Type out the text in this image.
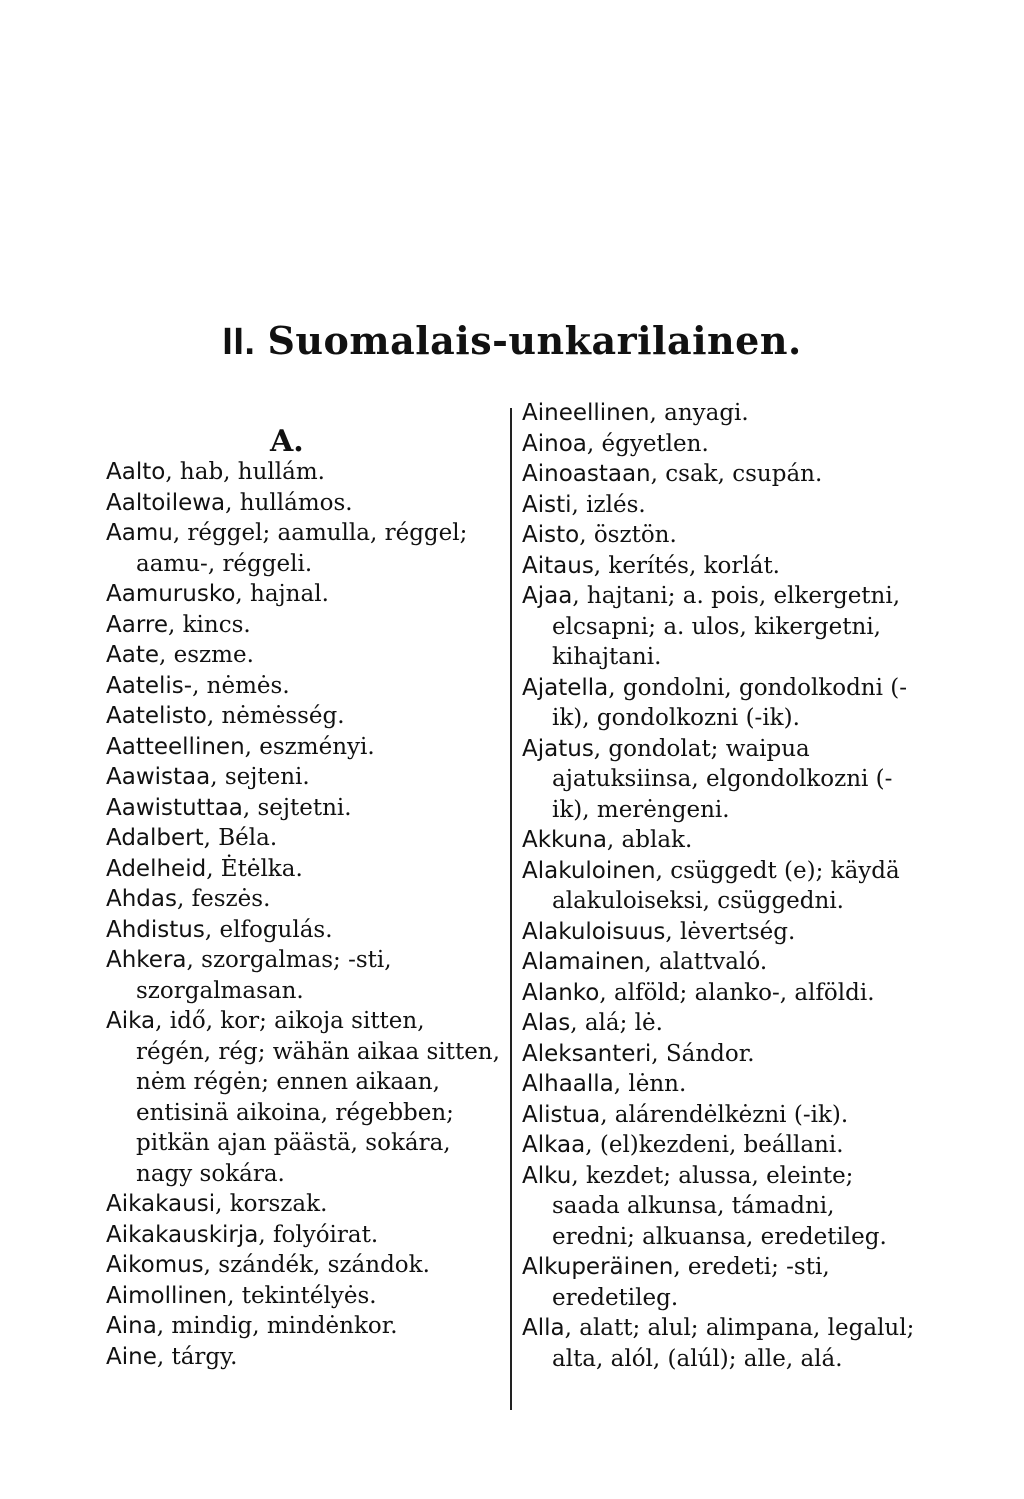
II. Suomalais-unkarilainen.
A.
Aalto, hab, hullám.
Aaltoilewa, hullámos.
Aamu, réggel; aamulla, réggel; aamu-, réggeli.
Aamurusko, hajnal.
Aarre, kincs.
Aate, eszme.
Aatelis-, nėmės.
Aatelisto, nėmėsség.
Aatteellinen, eszményi.
Aawistaa, sejteni.
Aawistuttaa, sejtetni.
Adalbert, Béla.
Adelheid, Ėtėlka.
Ahdas, feszės.
Ahdistus, elfogulás.
Ahkera, szorgalmas; -sti, szorgalmasan.
Aika, idő, kor; aikoja sitten, régén, rég; wähän aikaa sitten, nėm régėn; ennen aikaan, entisinä aikoina, régebben; pitkän ajan päästä, sokára, nagy sokára.
Aikakausi, korszak.
Aikakauskirja, folyóirat.
Aikomus, szándék, szándok.
Aimollinen, tekintélyės.
Aina, mindig, mindėnkor.
Aine, tárgy.
Aineellinen, anyagi.
Ainoa, égyetlen.
Ainoastaan, csak, csupán.
Aisti, izlés.
Aisto, ösztön.
Aitaus, kerítés, korlát.
Ajaa, hajtani; a. pois, elkergetni, elcsapni; a. ulos, kikergetni, kihajtani.
Ajatella, gondolni, gondolkodni (-ik), gondolkozni (-ik).
Ajatus, gondolat; waipua ajatuksiinsa, elgondolkozni (-ik), merėngeni.
Akkuna, ablak.
Alakuloinen, csüggedt (e); käydä alakuloiseksi, csüggedni.
Alakuloisuus, lėvertség.
Alamainen, alattvaló.
Alanko, alföld; alanko-, alföldi.
Alas, alá; lė.
Aleksanteri, Sándor.
Alhaalla, lėnn.
Alistua, alárendėlkėzni (-ik).
Alkaa, (el)kezdeni, beállani.
Alku, kezdet; alussa, eleinte; saada alkunsa, támadni, eredni; alkuansa, eredetileg.
Alkuperäinen, eredeti; -sti, eredetileg.
Alla, alatt; alul; alimpana, legalul; alta, alól, (alúl); alle, alá.
